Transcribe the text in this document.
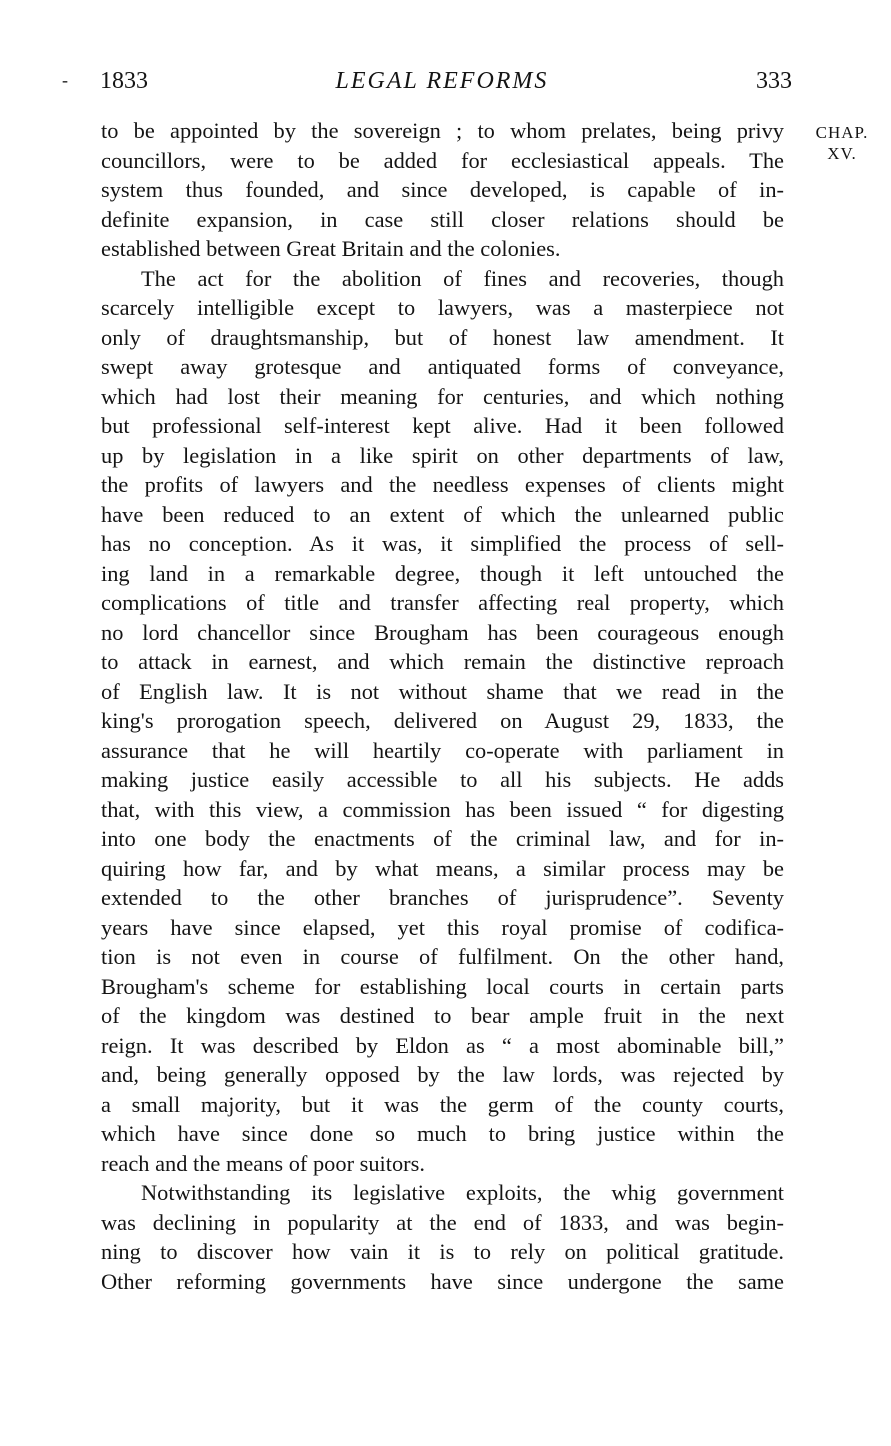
- 1833	LEGAL REFORMS	333
CHAP.
XV.
to be appointed by the sovereign ; to whom prelates, being privy
councillors, were to be added for ecclesiastical appeals. The
system thus founded, and since developed, is capable of in-
definite expansion, in case still closer relations should be
established between Great Britain and the colonies.
The act for the abolition of fines and recoveries, though
scarcely intelligible except to lawyers, was a masterpiece not
only of draughtsmanship, but of honest law amendment. It
swept away grotesque and antiquated forms of conveyance,
which had lost their meaning for centuries, and which nothing
but professional self-interest kept alive. Had it been followed
up by legislation in a like spirit on other departments of law,
the profits of lawyers and the needless expenses of clients might
have been reduced to an extent of which the unlearned public
has no conception. As it was, it simplified the process of sell-
ing land in a remarkable degree, though it left untouched the
complications of title and transfer affecting real property, which
no lord chancellor since Brougham has been courageous enough
to attack in earnest, and which remain the distinctive reproach
of English law. It is not without shame that we read in the
king's prorogation speech, delivered on August 29, 1833, the
assurance that he will heartily co-operate with parliament in
making justice easily accessible to all his subjects. He adds
that, with this view, a commission has been issued “ for digesting
into one body the enactments of the criminal law, and for in-
quiring how far, and by what means, a similar process may be
extended to the other branches of jurisprudence”. Seventy
years have since elapsed, yet this royal promise of codifica-
tion is not even in course of fulfilment. On the other hand,
Brougham's scheme for establishing local courts in certain parts
of the kingdom was destined to bear ample fruit in the next
reign. It was described by Eldon as “ a most abominable bill,”
and, being generally opposed by the law lords, was rejected by
a small majority, but it was the germ of the county courts,
which have since done so much to bring justice within the
reach and the means of poor suitors.
Notwithstanding its legislative exploits, the whig government
was declining in popularity at the end of 1833, and was begin-
ning to discover how vain it is to rely on political gratitude.
Other reforming governments have since undergone the same
